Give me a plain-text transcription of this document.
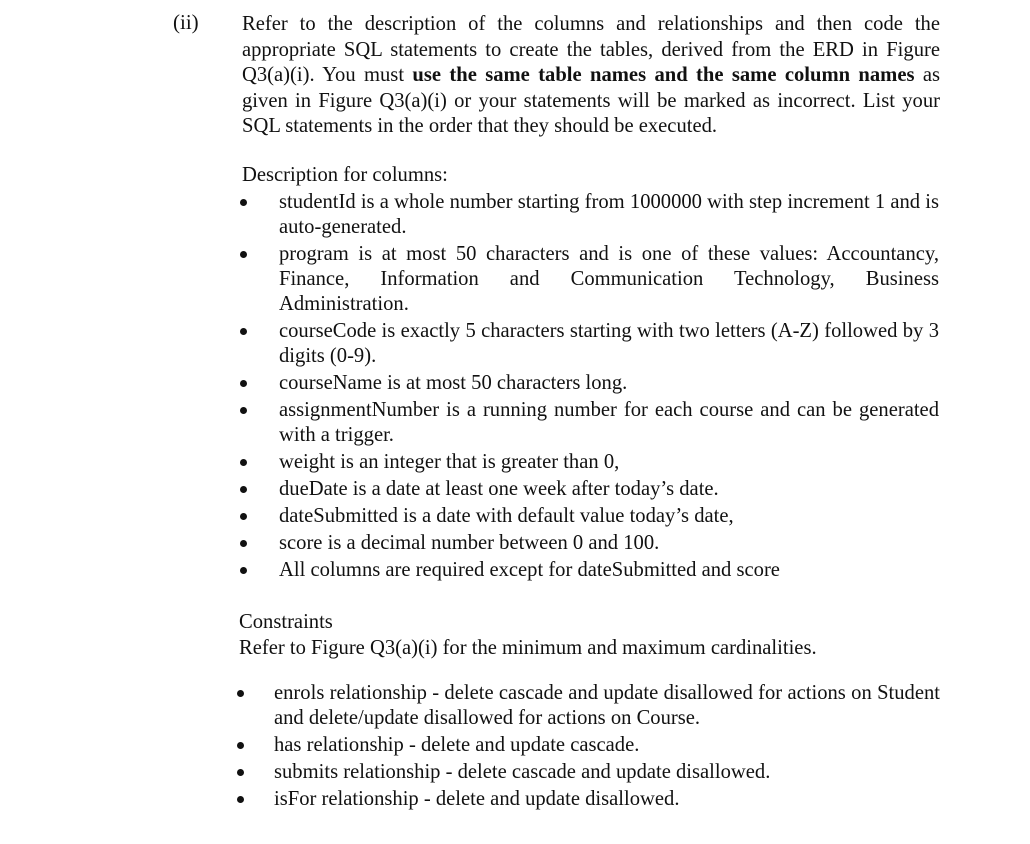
(ii) Refer to the description of the columns and relationships and then code the appropriate SQL statements to create the tables, derived from the ERD in Figure Q3(a)(i). You must use the same table names and the same column names as given in Figure Q3(a)(i) or your statements will be marked as incorrect. List your SQL statements in the order that they should be executed.
Description for columns:
studentId is a whole number starting from 1000000 with step increment 1 and is auto-generated.
program is at most 50 characters and is one of these values: Accountancy, Finance, Information and Communication Technology, Business Administration.
courseCode is exactly 5 characters starting with two letters (A-Z) followed by 3 digits (0-9).
courseName is at most 50 characters long.
assignmentNumber is a running number for each course and can be generated with a trigger.
weight is an integer that is greater than 0,
dueDate is a date at least one week after today’s date.
dateSubmitted is a date with default value today’s date,
score is a decimal number between 0 and 100.
All columns are required except for dateSubmitted and score
Constraints
Refer to Figure Q3(a)(i) for the minimum and maximum cardinalities.
enrols relationship - delete cascade and update disallowed for actions on Student and delete/update disallowed for actions on Course.
has relationship - delete and update cascade.
submits relationship - delete cascade and update disallowed.
isFor relationship - delete and update disallowed.
